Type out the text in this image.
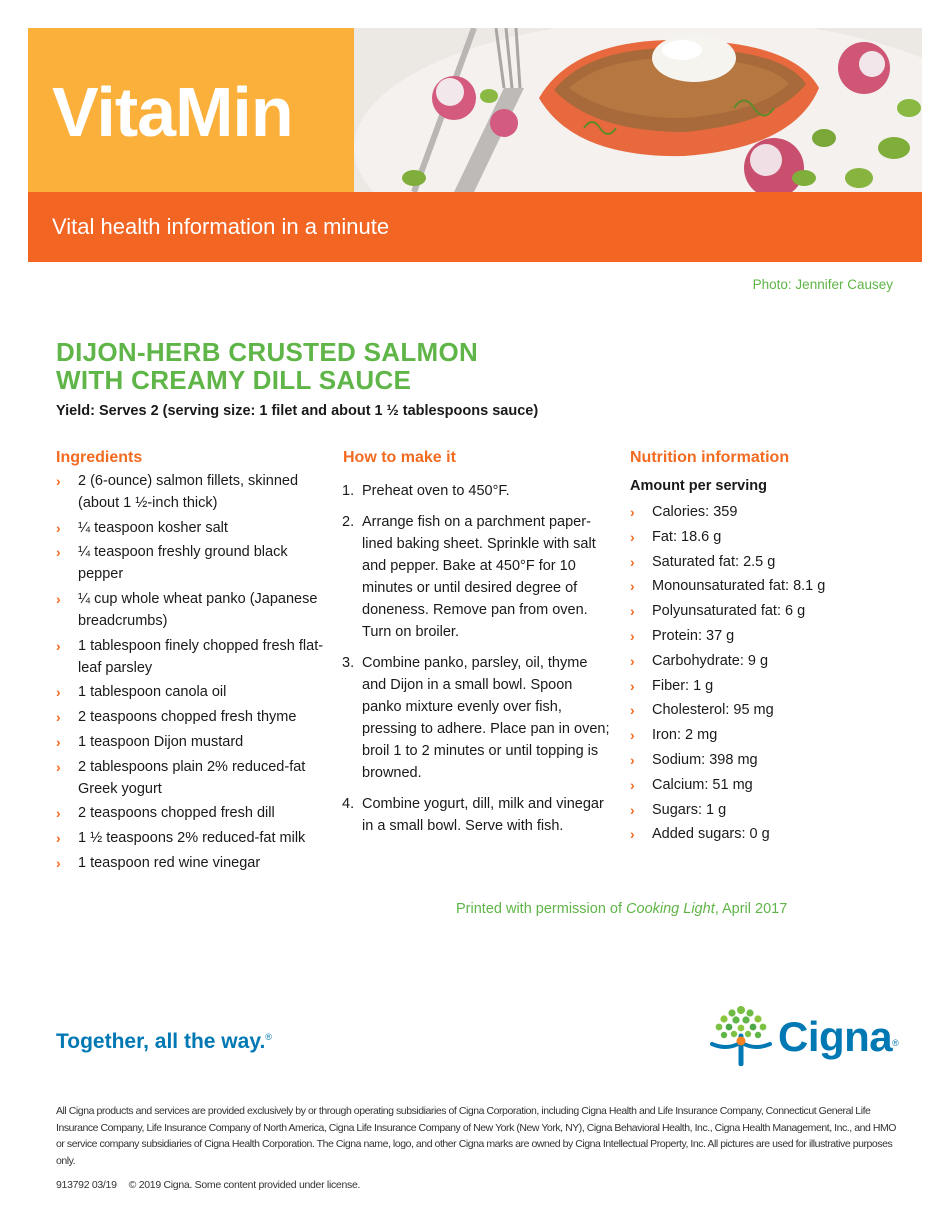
VitaMin
Vital health information in a minute
Photo: Jennifer Causey
DIJON-HERB CRUSTED SALMON
WITH CREAMY DILL SAUCE
Yield: Serves 2 (serving size: 1 filet and about 1 ½ tablespoons sauce)
Ingredients
› 2 (6-ounce) salmon fillets, skinned (about 1 ½-inch thick)
› ¼ teaspoon kosher salt
› ¼ teaspoon freshly ground black pepper
› ¼ cup whole wheat panko (Japanese breadcrumbs)
› 1 tablespoon finely chopped fresh flat-leaf parsley
› 1 tablespoon canola oil
› 2 teaspoons chopped fresh thyme
› 1 teaspoon Dijon mustard
› 2 tablespoons plain 2% reduced-fat Greek yogurt
› 2 teaspoons chopped fresh dill
› 1 ½ teaspoons 2% reduced-fat milk
› 1 teaspoon red wine vinegar
How to make it
1. Preheat oven to 450°F.
2. Arrange fish on a parchment paper-lined baking sheet. Sprinkle with salt and pepper. Bake at 450°F for 10 minutes or until desired degree of doneness. Remove pan from oven. Turn on broiler.
3. Combine panko, parsley, oil, thyme and Dijon in a small bowl. Spoon panko mixture evenly over fish, pressing to adhere. Place pan in oven; broil 1 to 2 minutes or until topping is browned.
4. Combine yogurt, dill, milk and vinegar in a small bowl. Serve with fish.
Nutrition information
Amount per serving
› Calories: 359
› Fat: 18.6 g
› Saturated fat: 2.5 g
› Monounsaturated fat: 8.1 g
› Polyunsaturated fat: 6 g
› Protein: 37 g
› Carbohydrate: 9 g
› Fiber: 1 g
› Cholesterol: 95 mg
› Iron: 2 mg
› Sodium: 398 mg
› Calcium: 51 mg
› Sugars: 1 g
› Added sugars: 0 g
Printed with permission of Cooking Light, April 2017
Together, all the way.®	Cigna®
All Cigna products and services are provided exclusively by or through operating subsidiaries of Cigna Corporation, including Cigna Health and Life Insurance Company, Connecticut General Life Insurance Company, Life Insurance Company of North America, Cigna Life Insurance Company of New York (New York, NY), Cigna Behavioral Health, Inc., Cigna Health Management, Inc., and HMO or service company subsidiaries of Cigna Health Corporation. The Cigna name, logo, and other Cigna marks are owned by Cigna Intellectual Property, Inc. All pictures are used for illustrative purposes only.
913792 03/19 © 2019 Cigna. Some content provided under license.
